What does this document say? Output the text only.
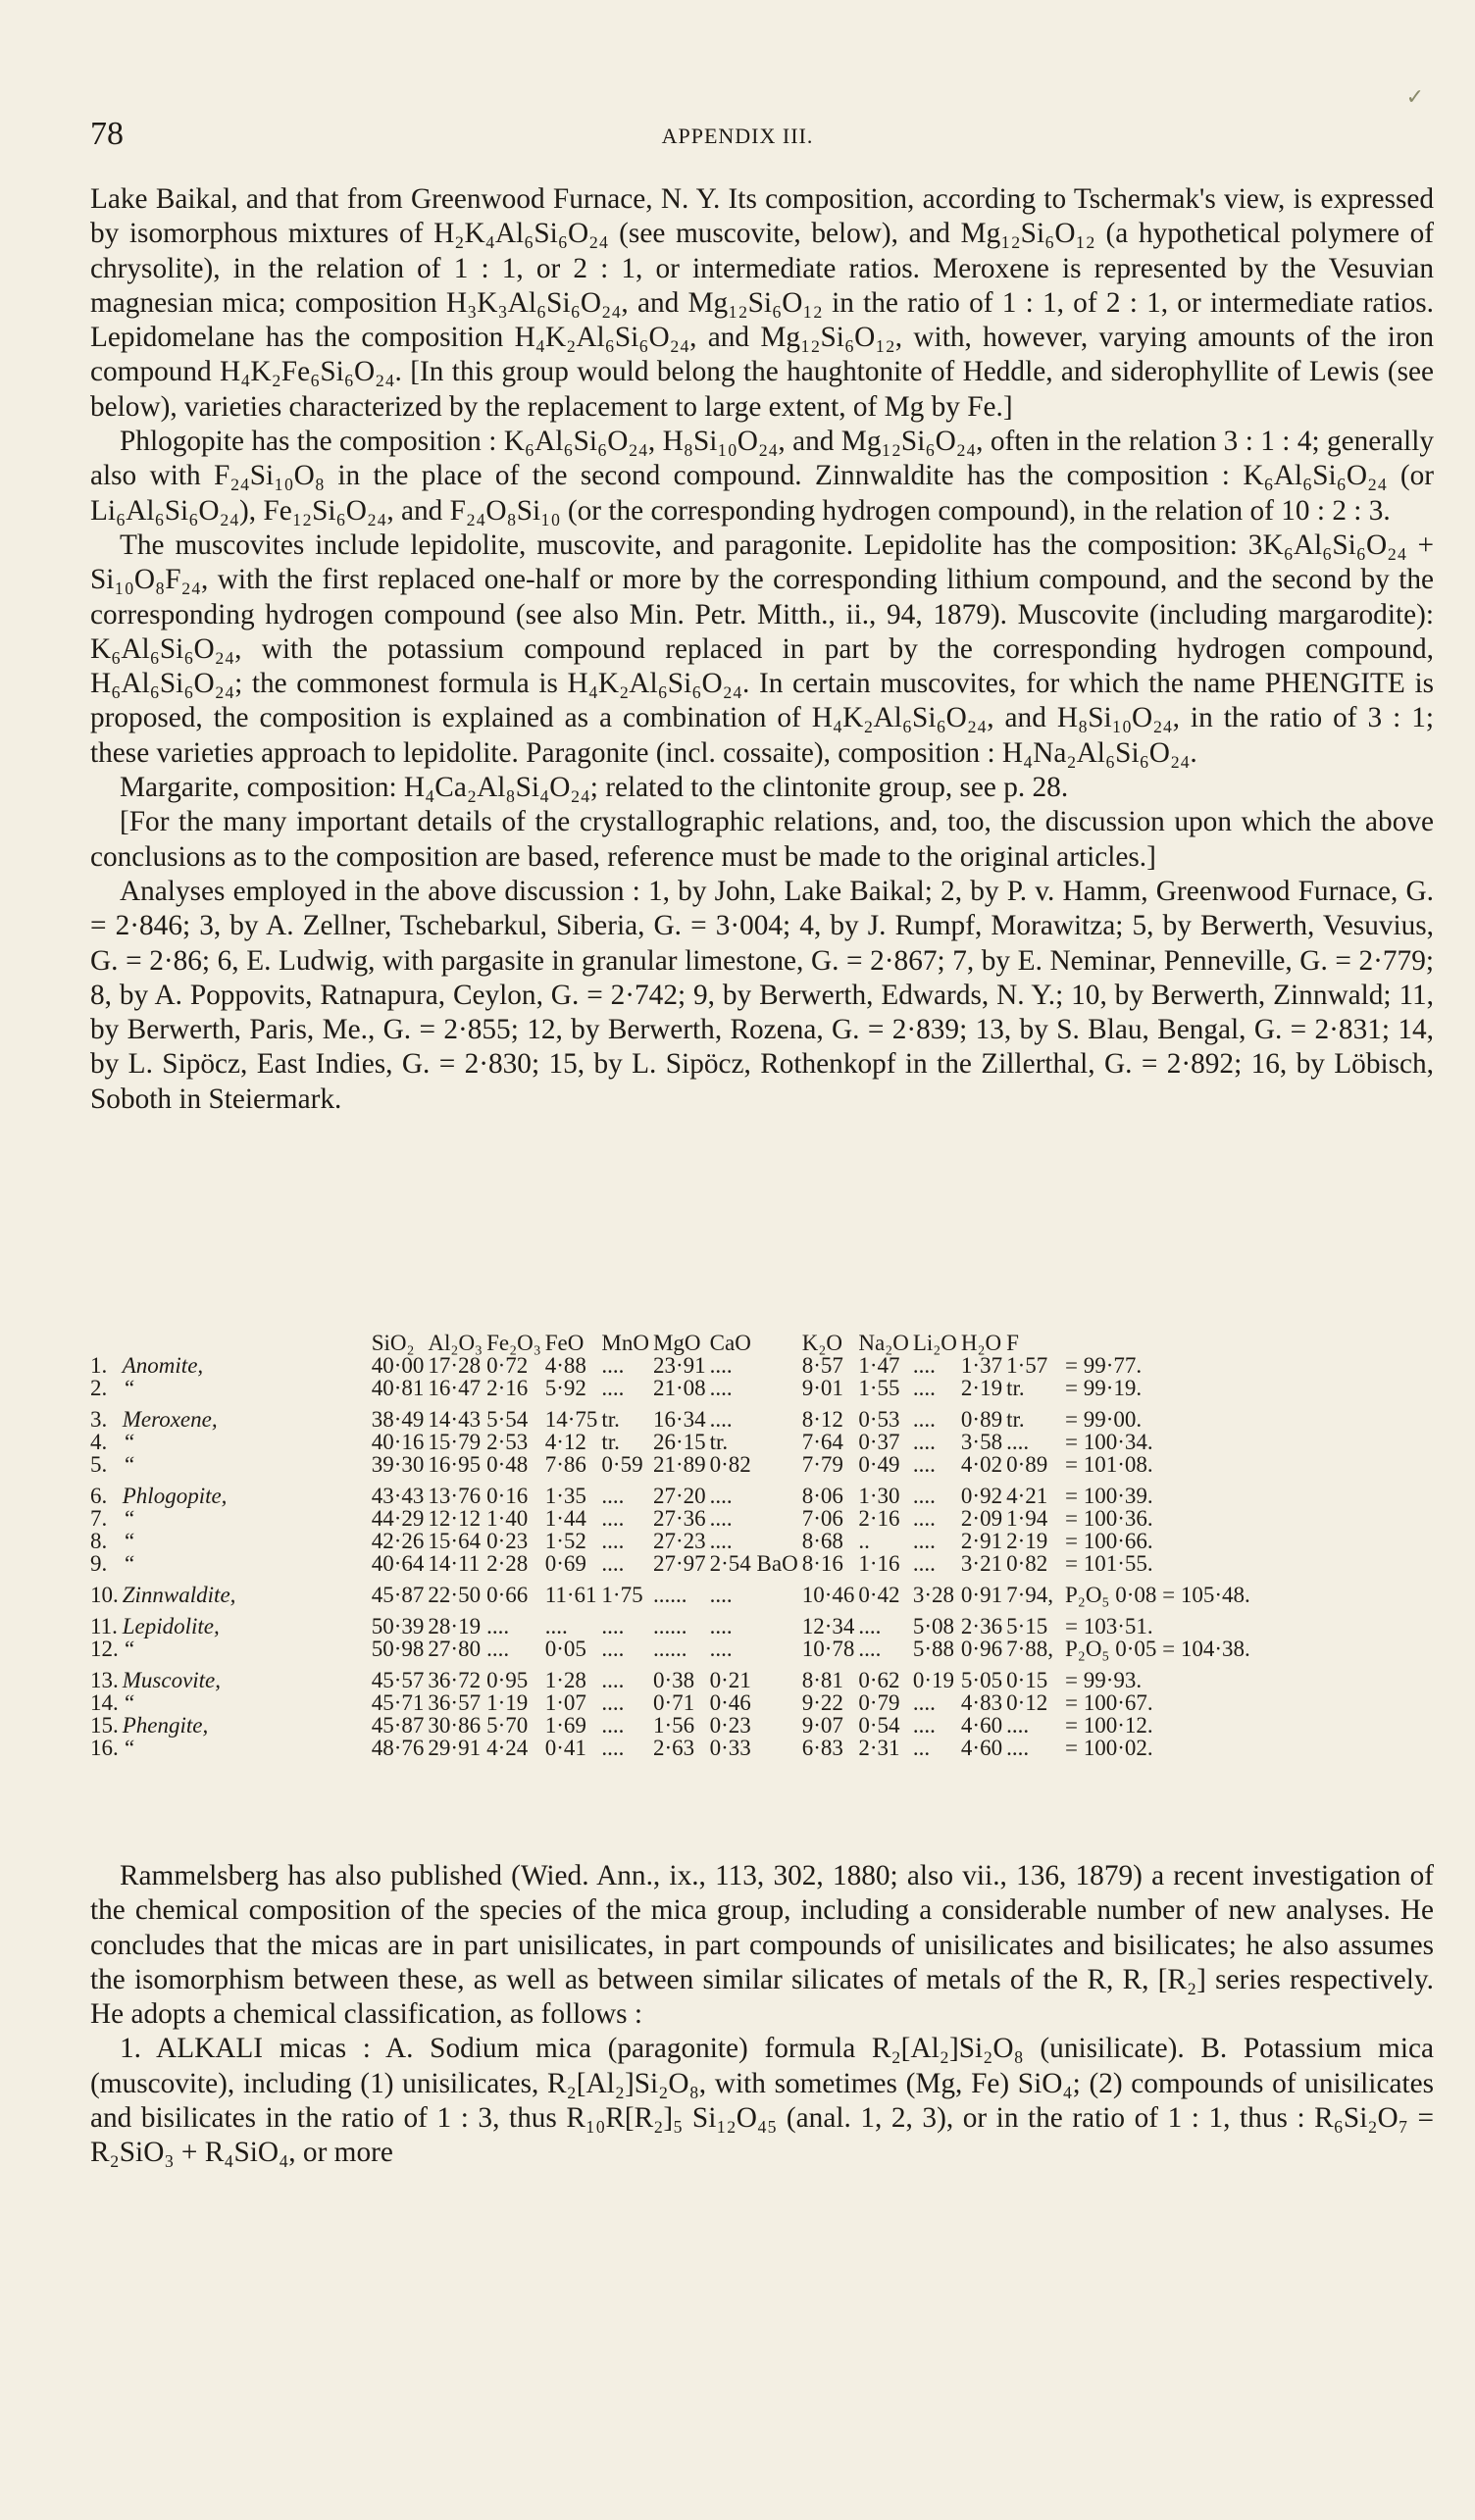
78	APPENDIX III.
✓

Lake Baikal, and that from Greenwood Furnace, N. Y. Its composition, according to Tschermak's view, is expressed by isomorphous mixtures of H₂K₄Al₆Si₆O₂₄ (see muscovite, below), and Mg₁₂Si₆O₁₂ (a hypothetical polymere of chrysolite), in the relation of 1 : 1, or 2 : 1, or intermediate ratios. Meroxene is represented by the Vesuvian magnesian mica; composition H₃K₃Al₆Si₆O₂₄, and Mg₁₂Si₆O₁₂ in the ratio of 1 : 1, of 2 : 1, or intermediate ratios. Lepidomelane has the composition H₄K₂Al₆Si₆O₂₄, and Mg₁₂Si₆O₁₂, with, however, varying amounts of the iron compound H₄K₂Fe₆Si₆O₂₄. [In this group would belong the haughtonite of Heddle, and siderophyllite of Lewis (see below), varieties characterized by the replacement to large extent, of Mg by Fe.]

Phlogopite has the composition : K₆Al₆Si₆O₂₄, H₈Si₁₀O₂₄, and Mg₁₂Si₆O₂₄, often in the relation 3 : 1 : 4; generally also with F₂₄Si₁₀O₈ in the place of the second compound. Zinnwaldite has the composition : K₆Al₆Si₆O₂₄ (or Li₆Al₆Si₆O₂₄), Fe₁₂Si₆O₂₄, and F₂₄O₈Si₁₀ (or the corresponding hydrogen compound), in the relation of 10 : 2 : 3.

The muscovites include lepidolite, muscovite, and paragonite. Lepidolite has the composition: 3K₆Al₆Si₆O₂₄ + Si₁₀O₈F₂₄, with the first replaced one-half or more by the corresponding lithium compound, and the second by the corresponding hydrogen compound (see also Min. Petr. Mitth., ii., 94, 1879). Muscovite (including margarodite): K₆Al₆Si₆O₂₄, with the potassium compound replaced in part by the corresponding hydrogen compound, H₆Al₆Si₆O₂₄; the commonest formula is H₄K₂Al₆Si₆O₂₄. In certain muscovites, for which the name PHENGITE is proposed, the composition is explained as a combination of H₄K₂Al₆Si₆O₂₄, and H₈Si₁₀O₂₄, in the ratio of 3 : 1; these varieties approach to lepidolite. Paragonite (incl. cossaite), composition : H₄Na₂Al₆Si₆O₂₄.

Margarite, composition: H₄Ca₂Al₈Si₄O₂₄; related to the clintonite group, see p. 28.

[For the many important details of the crystallographic relations, and, too, the discussion upon which the above conclusions as to the composition are based, reference must be made to the original articles.]

Analyses employed in the above discussion : 1, by John, Lake Baikal; 2, by P. v. Hamm, Greenwood Furnace, G. = 2·846; 3, by A. Zellner, Tschebarkul, Siberia, G. = 3·004; 4, by J. Rumpf, Morawitza; 5, by Berwerth, Vesuvius, G. = 2·86; 6, E. Ludwig, with pargasite in granular limestone, G. = 2·867; 7, by E. Neminar, Penneville, G. = 2·779; 8, by A. Poppovits, Ratnapura, Ceylon, G. = 2·742; 9, by Berwerth, Edwards, N. Y.; 10, by Berwerth, Zinnwald; 11, by Berwerth, Paris, Me., G. = 2·855; 12, by Berwerth, Rozena, G. = 2·839; 13, by S. Blau, Bengal, G. = 2·831; 14, by L. Sipöcz, East Indies, G. = 2·830; 15, by L. Sipöcz, Rothenkopf in the Zillerthal, G. = 2·892; 16, by Löbisch, Soboth in Steiermark.

		SiO₂	Al₂O₃	Fe₂O₃	FeO	MnO	MgO	CaO	K₂O	Na₂O	Li₂O	H₂O	F	
1.	Anomite,	40·00	17·28	0·72	4·88	....	23·91	....	8·57	1·47	....	1·37	1·57	= 99·77.
2.	“	40·81	16·47	2·16	5·92	....	21·08	....	9·01	1·55	....	2·19	tr.	= 99·19.
3.	Meroxene,	38·49	14·43	5·54	14·75	tr.	16·34	....	8·12	0·53	....	0·89	tr.	= 99·00.
4.	“	40·16	15·79	2·53	4·12	tr.	26·15	tr.	7·64	0·37	....	3·58	....	= 100·34.
5.	“	39·30	16·95	0·48	7·86	0·59	21·89	0·82	7·79	0·49	....	4·02	0·89	= 101·08.
6.	Phlogopite,	43·43	13·76	0·16	1·35	....	27·20	....	8·06	1·30	....	0·92	4·21	= 100·39.
7.	“	44·29	12·12	1·40	1·44	....	27·36	....	7·06	2·16	....	2·09	1·94	= 100·36.
8.	“	42·26	15·64	0·23	1·52	....	27·23	....	8·68	..	....	2·91	2·19	= 100·66.
9.	“	40·64	14·11	2·28	0·69	....	27·97	2·54 BaO	8·16	1·16	....	3·21	0·82	= 101·55.
10.	Zinnwaldite,	45·87	22·50	0·66	11·61	1·75	......	....	10·46	0·42	3·28	0·91	7·94,	P₂O₅ 0·08 = 105·48.
11.	Lepidolite,	50·39	28·19	....	....	....	......	....	12·34	....	5·08	2·36	5·15	= 103·51.
12.	“	50·98	27·80	....	0·05	....	......	....	10·78	....	5·88	0·96	7·88,	P₂O₅ 0·05 = 104·38.
13.	Muscovite,	45·57	36·72	0·95	1·28	....	0·38	0·21	8·81	0·62	0·19	5·05	0·15	= 99·93.
14.	“	45·71	36·57	1·19	1·07	....	0·71	0·46	9·22	0·79	....	4·83	0·12	= 100·67.
15.	Phengite,	45·87	30·86	5·70	1·69	....	1·56	0·23	9·07	0·54	....	4·60	....	= 100·12.
16.	“	48·76	29·91	4·24	0·41	....	2·63	0·33	6·83	2·31	...	4·60	....	= 100·02.

Rammelsberg has also published (Wied. Ann., ix., 113, 302, 1880; also vii., 136, 1879) a recent investigation of the chemical composition of the species of the mica group, including a considerable number of new analyses. He concludes that the micas are in part unisilicates, in part compounds of unisilicates and bisilicates; he also assumes the isomorphism between these, as well as between similar silicates of metals of the R, R, [R₂] series respectively. He adopts a chemical classification, as follows :

1. ALKALI micas : A. Sodium mica (paragonite) formula R₂[Al₂]Si₂O₈ (unisilicate). B. Potassium mica (muscovite), including (1) unisilicates, R₂[Al₂]Si₂O₈, with sometimes (Mg, Fe) SiO₄; (2) compounds of unisilicates and bisilicates in the ratio of 1 : 3, thus R₁₀R[R₂]₅ Si₁₂O₄₅ (anal. 1, 2, 3), or in the ratio of 1 : 1, thus : R₆Si₂O₇ = R₂SiO₃ + R₄SiO₄, or more
